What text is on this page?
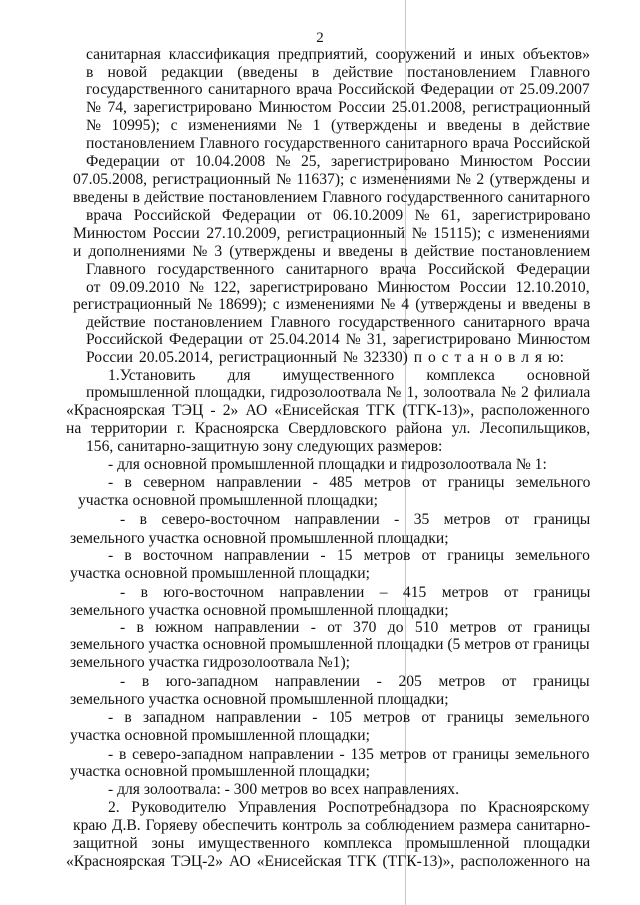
2
санитарная классификация предприятий, сооружений и иных объектов»
в новой редакции (введены в действие постановлением Главного
государственного санитарного врача Российской Федерации от 25.09.2007
№ 74, зарегистрировано Минюстом России 25.01.2008, регистрационный
№ 10995); с изменениями № 1 (утверждены и введены в действие
постановлением Главного государственного санитарного врача Российской
Федерации от 10.04.2008 № 25, зарегистрировано Минюстом России
07.05.2008, регистрационный № 11637); с изменениями № 2 (утверждены и
введены в действие постановлением Главного государственного санитарного
врача Российской Федерации от 06.10.2009 № 61, зарегистрировано
Минюстом России 27.10.2009, регистрационный № 15115); с изменениями
и дополнениями № 3 (утверждены и введены в действие постановлением
Главного государственного санитарного врача Российской Федерации
от 09.09.2010 № 122, зарегистрировано Минюстом России 12.10.2010,
регистрационный № 18699); с изменениями № 4 (утверждены и введены в
действие постановлением Главного государственного санитарного врача
Российской Федерации от 25.04.2014 № 31, зарегистрировано Минюстом
России 20.05.2014, регистрационный № 32330) п о с т а н о в л я ю:
1.Установить для имущественного комплекса основной
промышленной площадки, гидрозолоотвала № 1, золоотвала № 2 филиала
«Красноярская ТЭЦ - 2» АО «Енисейская ТГК (ТГК-13)», расположенного
на территории г. Красноярска Свердловского района ул. Лесопильщиков,
156, санитарно-защитную зону следующих размеров:
- для основной промышленной площадки и гидрозолоотвала № 1:
- в северном направлении - 485 метров от границы земельного
участка основной промышленной площадки;
- в северо-восточном направлении - 35 метров от границы
земельного участка основной промышленной площадки;
- в восточном направлении - 15 метров от границы земельного
участка основной промышленной площадки;
- в юго-восточном направлении – 415 метров от границы
земельного участка основной промышленной площадки;
- в южном направлении - от 370 до 510 метров от границы
земельного участка основной промышленной площадки (5 метров от границы
земельного участка гидрозолоотвала №1);
- в юго-западном направлении - 205 метров от границы
земельного участка основной промышленной площадки;
- в западном направлении - 105 метров от границы земельного
участка основной промышленной площадки;
- в северо-западном направлении - 135 метров от границы земельного
участка основной промышленной площадки;
- для золоотвала: - 300 метров во всех направлениях.
2. Руководителю Управления Роспотребнадзора по Красноярскому
краю Д.В. Горяеву обеспечить контроль за соблюдением размера санитарно-
защитной зоны имущественного комплекса промышленной площадки
«Красноярская ТЭЦ-2» АО «Енисейская ТГК (ТГК-13)», расположенного на
